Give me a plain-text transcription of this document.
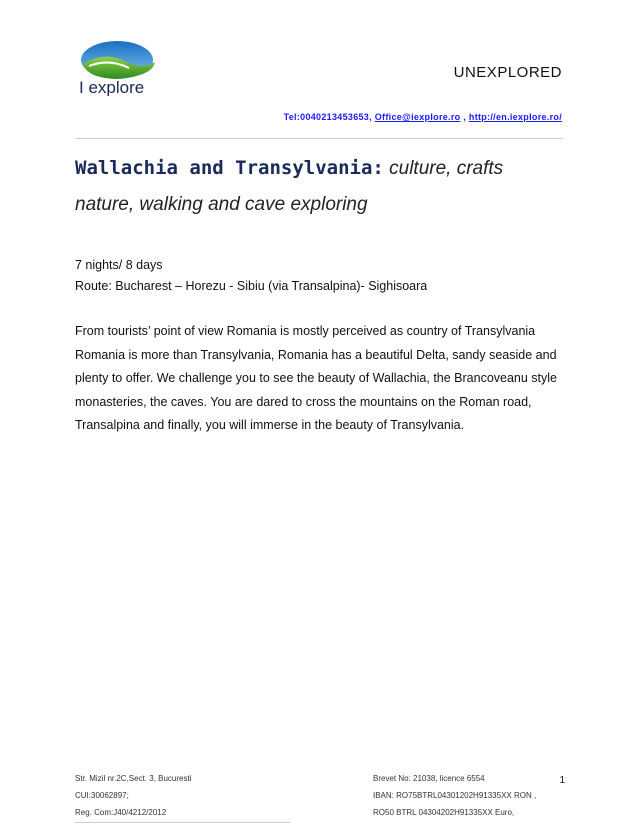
I explore
UNEXPLORED
Tel:0040213453653, Office@iexplore.ro , http://en.iexplore.ro/
Wallachia and Transylvania: culture, crafts
nature, walking and cave exploring
7 nights/ 8 days
Route: Bucharest – Horezu - Sibiu (via Transalpina)- Sighisoara
From tourists’ point of view Romania is mostly perceived as country of Transylvania
Romania is more than Transylvania, Romania has a beautiful Delta, sandy seaside and
plenty to offer. We challenge you to see the beauty of Wallachia, the Brancoveanu style
monasteries, the caves. You are dared to cross the mountains on the Roman road,
Transalpina and finally, you will immerse in the beauty of Transylvania.
Str. Mizil nr.2C,Sect. 3, Bucuresti
CUI:30062897;
Reg. Com:J40/4212/2012
Brevet No: 21038, licence 6554
IBAN: RO75BTRL04301202H91335XX RON ,
RO50 BTRL 04304202H91335XX Euro,
1
